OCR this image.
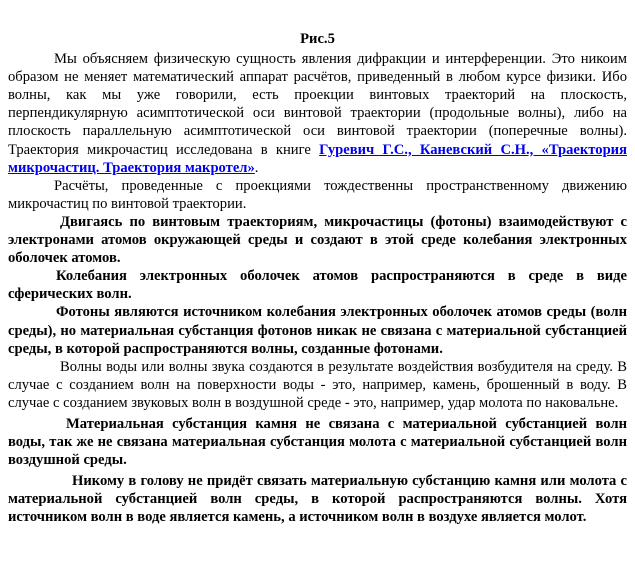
Рис.5

Мы объясняем физическую сущность явления дифракции и интерференции. Это никоим образом не меняет математический аппарат расчётов, приведенный в любом курсе физики. Ибо волны, как мы уже говорили, есть проекции винтовых траекторий на плоскость, перпендикулярную асимптотической оси винтовой траектории (продольные волны), либо на плоскость параллельную асимптотической оси винтовой траектории (поперечные волны). Траектория микрочастиц исследована в книге Гуревич Г.С., Каневский С.Н., «Траектория микрочастиц. Траектория макротел».

Расчёты, проведенные с проекциями тождественны пространственному движению микрочастиц по винтовой траектории.

Двигаясь по винтовым траекториям, микрочастицы (фотоны) взаимодействуют с электронами атомов окружающей среды и создают в этой среде колебания электронных оболочек атомов.

Колебания электронных оболочек атомов распространяются в среде в виде сферических волн.

Фотоны являются источником колебания электронных оболочек атомов среды (волн среды), но материальная субстанция фотонов никак не связана с материальной субстанцией среды, в которой распространяются волны, созданные фотонами.

Волны воды или волны звука создаются в результате воздействия возбудителя на среду. В случае с созданием волн на поверхности воды - это, например, камень, брошенный в воду. В случае с созданием звуковых волн в воздушной среде - это, например, удар молота по наковальне.

Материальная субстанция камня не связана с материальной субстанцией волн воды, так же не связана материальная субстанция молота с материальной субстанцией волн воздушной среды.

Никому в голову не придёт связать материальную субстанцию камня или молота с материальной субстанцией волн среды, в которой распространяются волны. Хотя источником волн в воде является камень, а источником волн в воздухе является молот.
